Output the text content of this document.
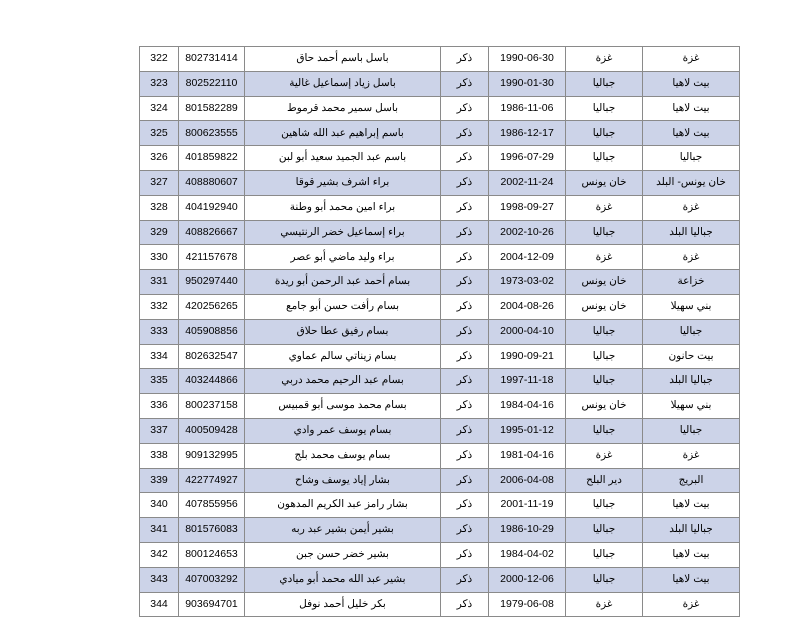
غزة	غزة	1990-06-30	ذكر	باسل باسم أحمد حاق	802731414	322
بيت لاهيا	جباليا	1990-01-30	ذكر	باسل زياد إسماعيل غالية	802522110	323
بيت لاهيا	جباليا	1986-11-06	ذكر	باسل سمير محمد قرموط	801582289	324
بيت لاهيا	جباليا	1986-12-17	ذكر	باسم إبراهيم عبد الله شاهين	800623555	325
جباليا	جباليا	1996-07-29	ذكر	باسم عبد الجميد سعيد أبو لبن	401859822	326
خان يونس- البلد	خان يونس	2002-11-24	ذكر	براء اشرف بشير قوقا	408880607	327
غزة	غزة	1998-09-27	ذكر	براء امين محمد أبو وطنة	404192940	328
جباليا البلد	جباليا	2002-10-26	ذكر	براء إسماعيل خضر الرنتيسي	408826667	329
غزة	غزة	2004-12-09	ذكر	براء وليد ماضي أبو عصر	421157678	330
خزاعة	خان يونس	1973-03-02	ذكر	بسام أحمد عبد الرحمن أبو ريدة	950297440	331
بني سهيلا	خان يونس	2004-08-26	ذكر	بسام رأفت حسن أبو جامع	420256265	332
جباليا	جباليا	2000-04-10	ذكر	بسام رفيق عطا حلاق	405908856	333
بيت حانون	جباليا	1990-09-21	ذكر	بسام زيناتي سالم عماوي	802632547	334
جباليا البلد	جباليا	1997-11-18	ذكر	بسام عبد الرحيم محمد دربي	403244866	335
بني سهيلا	خان يونس	1984-04-16	ذكر	بسام محمد موسى أبو قمبيس	800237158	336
جباليا	جباليا	1995-01-12	ذكر	بسام يوسف عمر وادي	400509428	337
غزة	غزة	1981-04-16	ذكر	بسام يوسف محمد بلج	909132995	338
البريج	دير البلح	2006-04-08	ذكر	بشار إياد يوسف وشاح	422774927	339
بيت لاهيا	جباليا	2001-11-19	ذكر	بشار رامز عبد الكريم المدهون	407855956	340
جباليا البلد	جباليا	1986-10-29	ذكر	بشير أيمن بشير عبد ربه	801576083	341
بيت لاهيا	جباليا	1984-04-02	ذكر	بشير خضر حسن جبن	800124653	342
بيت لاهيا	جباليا	2000-12-06	ذكر	بشير عبد الله محمد أبو ميادي	407003292	343
غزة	غزة	1979-06-08	ذكر	بكر خليل أحمد نوفل	903694701	344
